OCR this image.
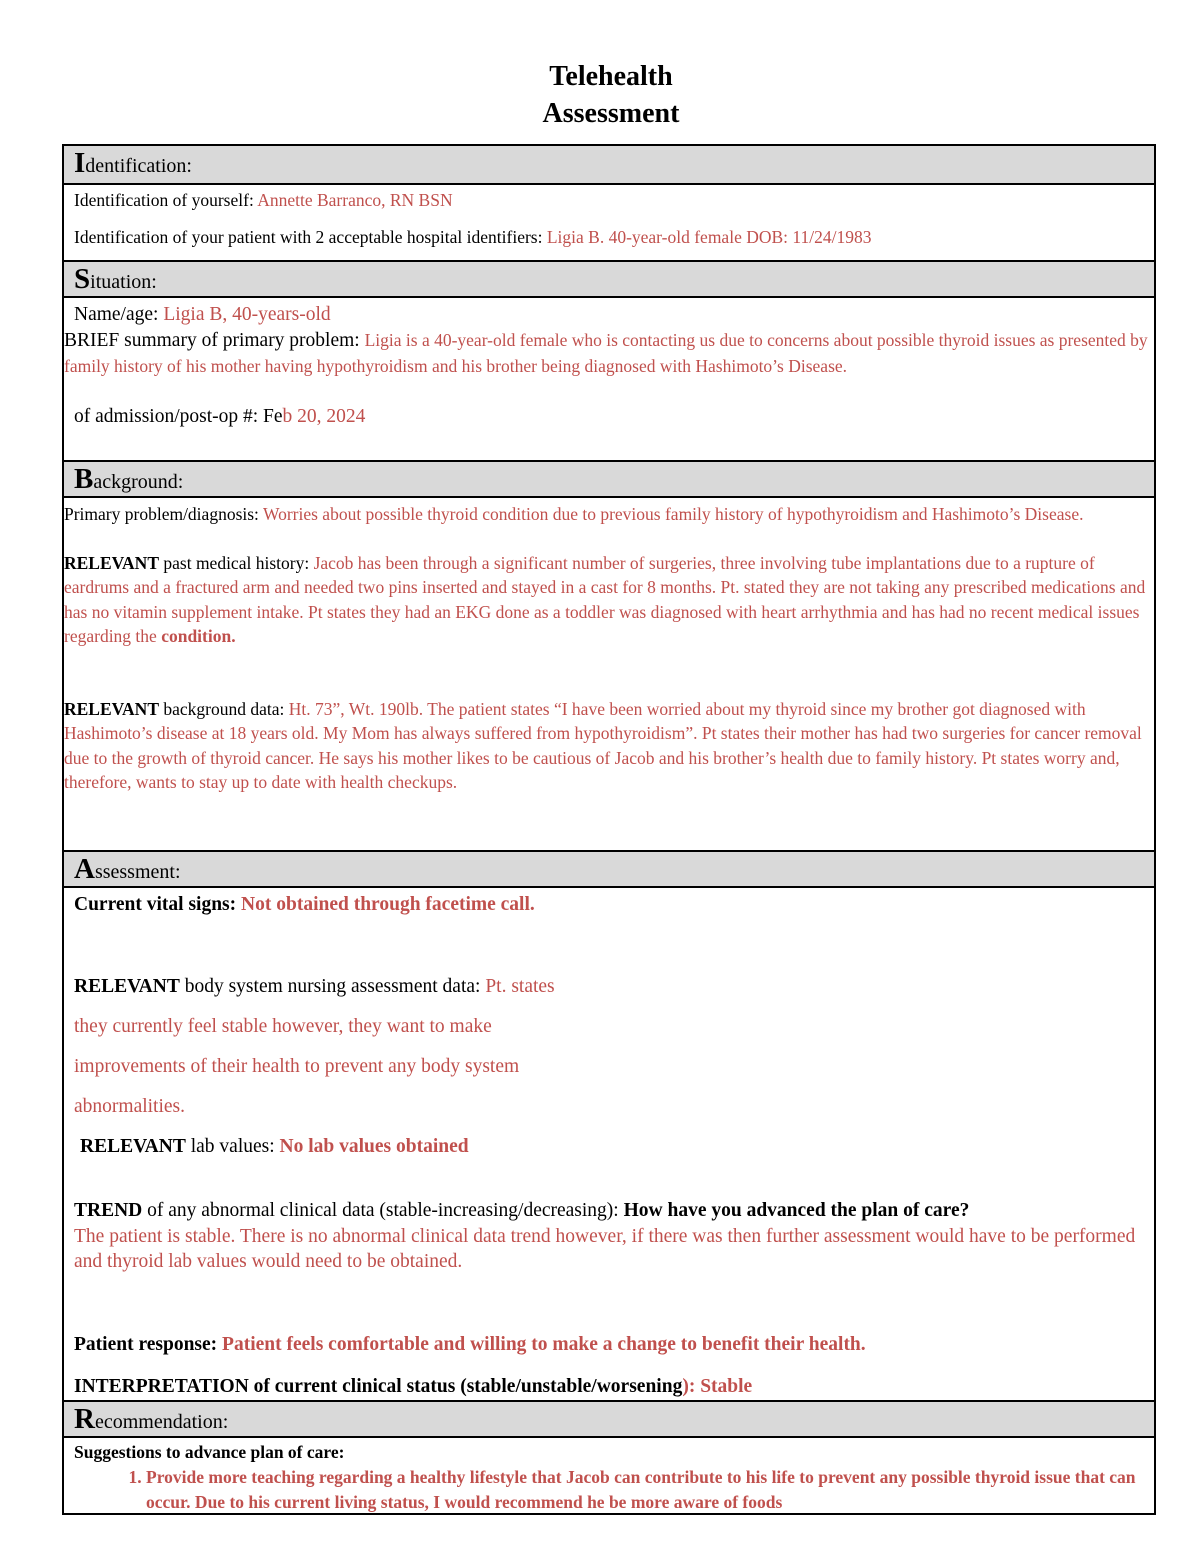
Telehealth
Assessment
Identification:

Identification of yourself: Annette Barranco, RN BSN

Identification of your patient with 2 acceptable hospital identifiers: Ligia B. 40-year-old female DOB: 11/24/1983

Situation:

Name/age: Ligia B, 40-years-old

BRIEF summary of primary problem: Ligia is a 40-year-old female who is contacting us due to concerns about possible thyroid issues as presented by family history of his mother having hypothyroidism and his brother being diagnosed with Hashimoto’s Disease.

of admission/post-op #: Feb 20, 2024

Background:

Primary problem/diagnosis: Worries about possible thyroid condition due to previous family history of hypothyroidism and Hashimoto’s Disease.

RELEVANT past medical history: Jacob has been through a significant number of surgeries, three involving tube implantations due to a rupture of eardrums and a fractured arm and needed two pins inserted and stayed in a cast for 8 months. Pt. stated they are not taking any prescribed medications and has no vitamin supplement intake. Pt states they had an EKG done as a toddler was diagnosed with heart arrhythmia and has had no recent medical issues regarding the condition.

RELEVANT background data: Ht. 73”, Wt. 190lb. The patient states “I have been worried about my thyroid since my brother got diagnosed with Hashimoto’s disease at 18 years old. My Mom has always suffered from hypothyroidism”. Pt states their mother has had two surgeries for cancer removal due to the growth of thyroid cancer. He says his mother likes to be cautious of Jacob and his brother’s health due to family history. Pt states worry and, therefore, wants to stay up to date with health checkups.

Assessment:

Current vital signs: Not obtained through facetime call.

RELEVANT body system nursing assessment data: Pt. states

they currently feel stable however, they want to make

improvements of their health to prevent any body system

abnormalities.

RELEVANT lab values: No lab values obtained

TREND of any abnormal clinical data (stable-increasing/decreasing): How have you advanced the plan of care?

The patient is stable. There is no abnormal clinical data trend however, if there was then further assessment would have to be performed and thyroid lab values would need to be obtained.

Patient response: Patient feels comfortable and willing to make a change to benefit their health.

INTERPRETATION of current clinical status (stable/unstable/worsening): Stable

Recommendation:

Suggestions to advance plan of care:

1. Provide more teaching regarding a healthy lifestyle that Jacob can contribute to his life to prevent any possible thyroid issue that can occur. Due to his current living status, I would recommend he be more aware of foods
